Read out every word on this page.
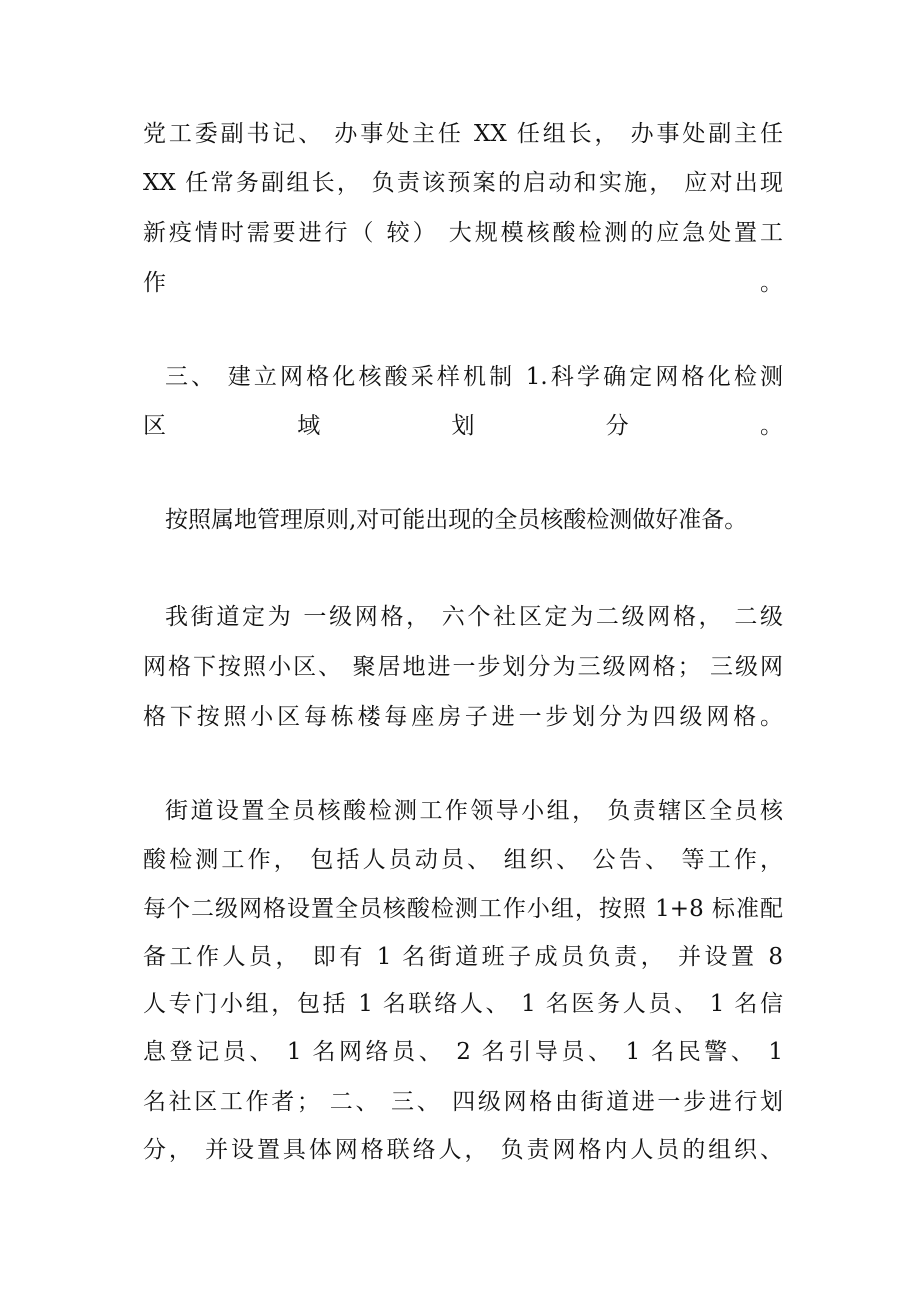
党工委副书记、 办事处主任 XX 任组长， 办事处副主任
XX 任常务副组长， 负责该预案的启动和实施， 应对出现
新疫情时需要进行（ 较） 大规模核酸检测的应急处置工
作 。
三、 建立网格化核酸采样机制 1.科学确定网格化检测
区 域 划 分 。
按照属地管理原则,对可能出现的全员核酸检测做好准备。
我街道定为 一级网格， 六个社区定为二级网格， 二级
网格下按照小区、 聚居地进一步划分为三级网格； 三级网
格下按照小区每栋楼每座房子进一步划分为四级网格。
街道设置全员核酸检测工作领导小组， 负责辖区全员核
酸检测工作， 包括人员动员、 组织、 公告、 等工作，
每个二级网格设置全员核酸检测工作小组，按照 1+8 标准配
备工作人员， 即有 1 名街道班子成员负责， 并设置 8
人专门小组，包括 1 名联络人、 1 名医务人员、 1 名信
息登记员、 1 名网络员、 2 名引导员、 1 名民警、 1
名社区工作者； 二、 三、 四级网格由街道进一步进行划
分， 并设置具体网格联络人， 负责网格内人员的组织、
